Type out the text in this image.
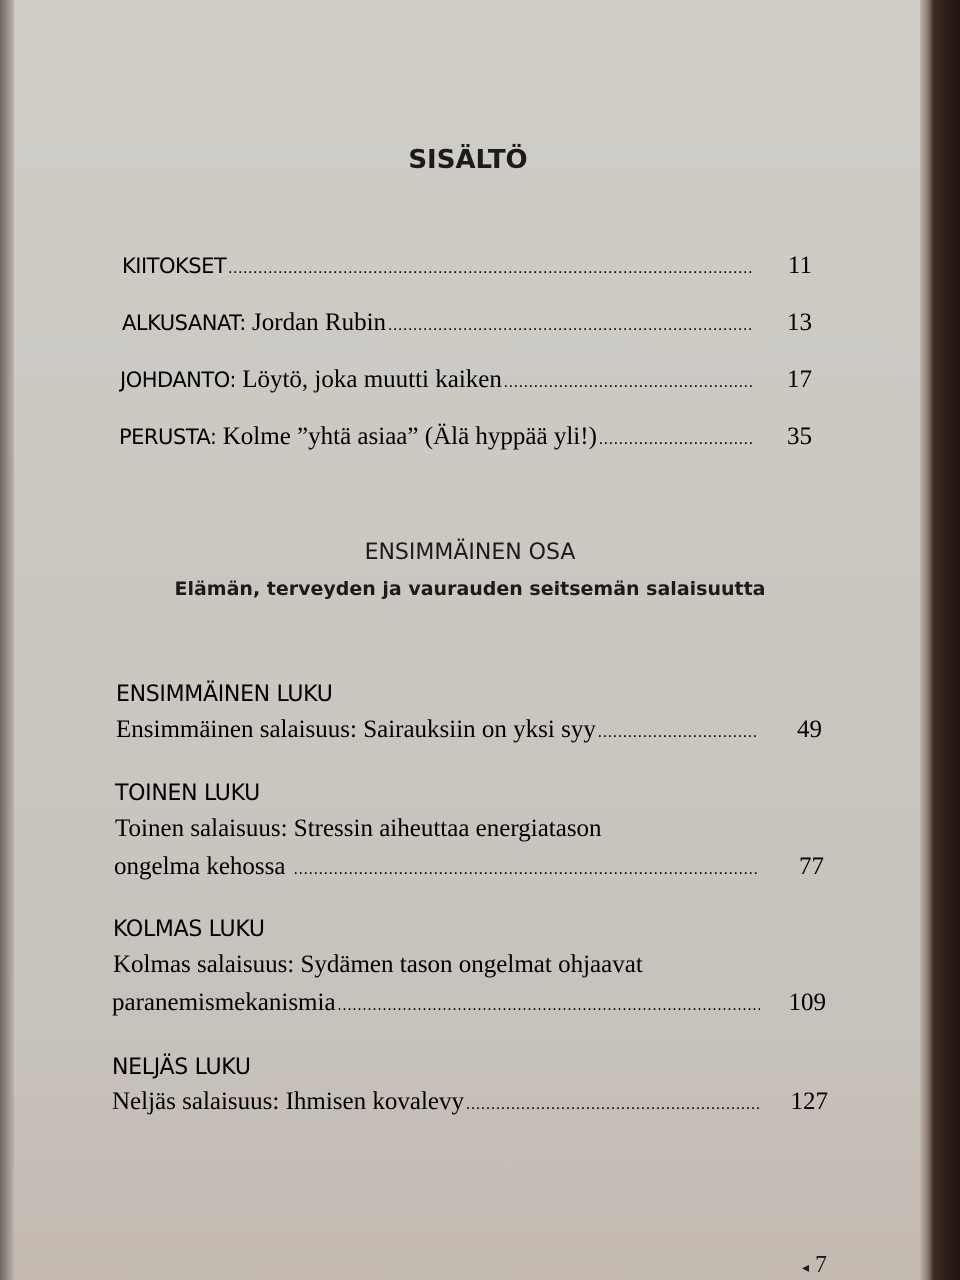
SISÄLTÖ
KIITOKSET .....	11
ALKUSANAT: Jordan Rubin .....	13
JOHDANTO: Löytö, joka muutti kaiken .....	17
PERUSTA: Kolme ”yhtä asiaa” (Älä hyppää yli!) .....	35
ENSIMMÄINEN OSA
Elämän, terveyden ja vaurauden seitsemän salaisuutta
ENSIMMÄINEN LUKU
Ensimmäinen salaisuus: Sairauksiin on yksi syy .....	49
TOINEN LUKU
Toinen salaisuus: Stressin aiheuttaa energiatason
ongelma kehossa .....	77
KOLMAS LUKU
Kolmas salaisuus: Sydämen tason ongelmat ohjaavat
paranemismekanismia .....	109
NELJÄS LUKU
Neljäs salaisuus: Ihmisen kovalevy .....	127
◂ 7
